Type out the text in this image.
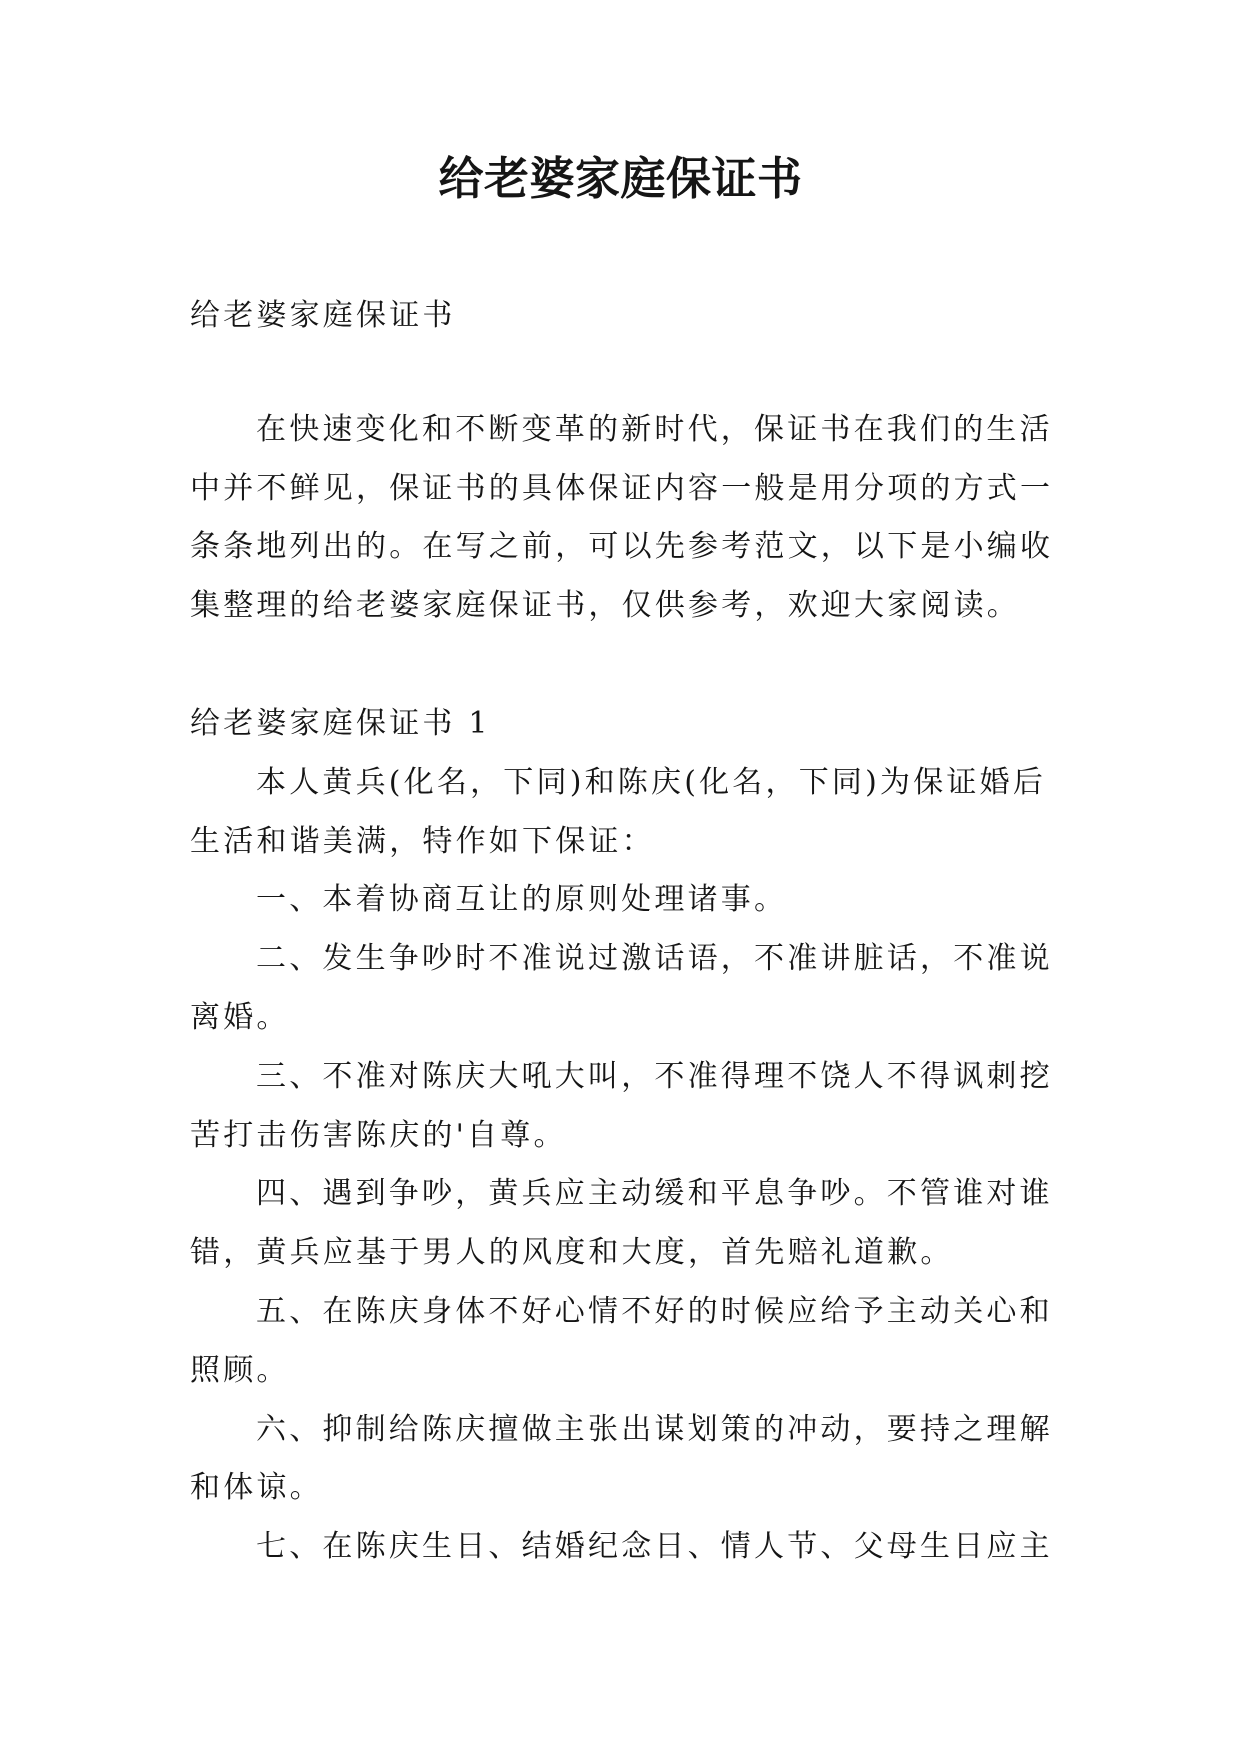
给老婆家庭保证书
给老婆家庭保证书
在快速变化和不断变革的新时代，保证书在我们的生活
中并不鲜见，保证书的具体保证内容一般是用分项的方式一
条条地列出的。在写之前，可以先参考范文，以下是小编收
集整理的给老婆家庭保证书，仅供参考，欢迎大家阅读。
给老婆家庭保证书 1
本人黄兵(化名，下同)和陈庆(化名，下同)为保证婚后
生活和谐美满，特作如下保证：
一、本着协商互让的原则处理诸事。
二、发生争吵时不准说过激话语，不准讲脏话，不准说
离婚。
三、不准对陈庆大吼大叫，不准得理不饶人不得讽刺挖
苦打击伤害陈庆的'自尊。
四、遇到争吵，黄兵应主动缓和平息争吵。不管谁对谁
错，黄兵应基于男人的风度和大度，首先赔礼道歉。
五、在陈庆身体不好心情不好的时候应给予主动关心和
照顾。
六、抑制给陈庆擅做主张出谋划策的冲动，要持之理解
和体谅。
七、在陈庆生日、结婚纪念日、情人节、父母生日应主
